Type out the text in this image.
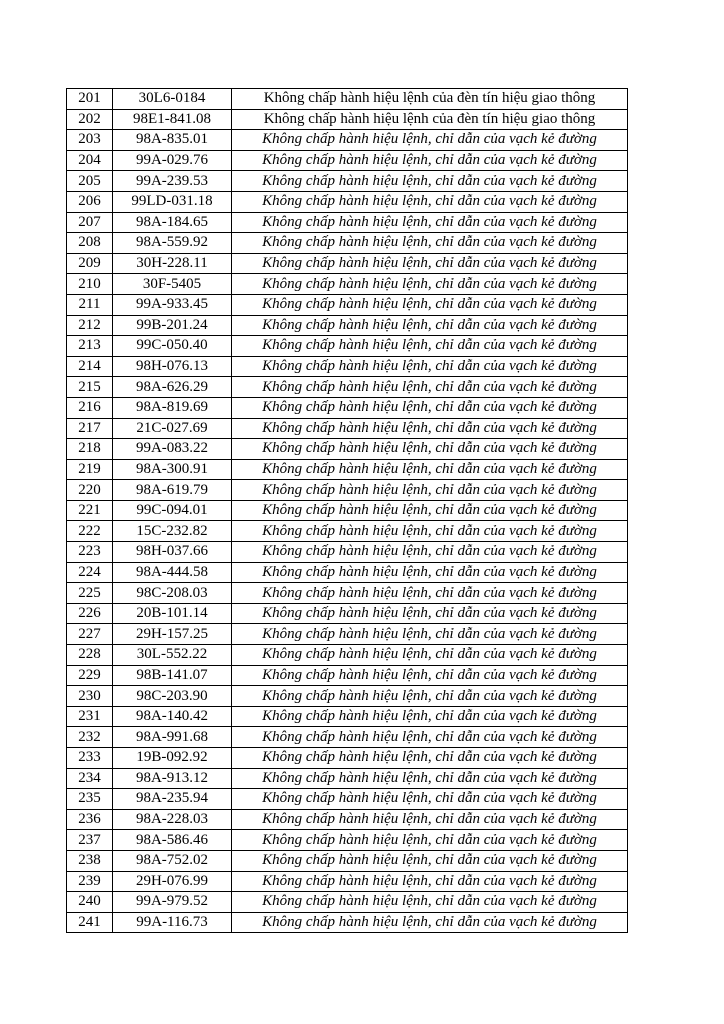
201	30L6-0184	Không chấp hành hiệu lệnh của đèn tín hiệu giao thông
202	98E1-841.08	Không chấp hành hiệu lệnh của đèn tín hiệu giao thông
203	98A-835.01	Không chấp hành hiệu lệnh, chỉ dẫn của vạch kẻ đường
204	99A-029.76	Không chấp hành hiệu lệnh, chỉ dẫn của vạch kẻ đường
205	99A-239.53	Không chấp hành hiệu lệnh, chỉ dẫn của vạch kẻ đường
206	99LD-031.18	Không chấp hành hiệu lệnh, chỉ dẫn của vạch kẻ đường
207	98A-184.65	Không chấp hành hiệu lệnh, chỉ dẫn của vạch kẻ đường
208	98A-559.92	Không chấp hành hiệu lệnh, chỉ dẫn của vạch kẻ đường
209	30H-228.11	Không chấp hành hiệu lệnh, chỉ dẫn của vạch kẻ đường
210	30F-5405	Không chấp hành hiệu lệnh, chỉ dẫn của vạch kẻ đường
211	99A-933.45	Không chấp hành hiệu lệnh, chỉ dẫn của vạch kẻ đường
212	99B-201.24	Không chấp hành hiệu lệnh, chỉ dẫn của vạch kẻ đường
213	99C-050.40	Không chấp hành hiệu lệnh, chỉ dẫn của vạch kẻ đường
214	98H-076.13	Không chấp hành hiệu lệnh, chỉ dẫn của vạch kẻ đường
215	98A-626.29	Không chấp hành hiệu lệnh, chỉ dẫn của vạch kẻ đường
216	98A-819.69	Không chấp hành hiệu lệnh, chỉ dẫn của vạch kẻ đường
217	21C-027.69	Không chấp hành hiệu lệnh, chỉ dẫn của vạch kẻ đường
218	99A-083.22	Không chấp hành hiệu lệnh, chỉ dẫn của vạch kẻ đường
219	98A-300.91	Không chấp hành hiệu lệnh, chỉ dẫn của vạch kẻ đường
220	98A-619.79	Không chấp hành hiệu lệnh, chỉ dẫn của vạch kẻ đường
221	99C-094.01	Không chấp hành hiệu lệnh, chỉ dẫn của vạch kẻ đường
222	15C-232.82	Không chấp hành hiệu lệnh, chỉ dẫn của vạch kẻ đường
223	98H-037.66	Không chấp hành hiệu lệnh, chỉ dẫn của vạch kẻ đường
224	98A-444.58	Không chấp hành hiệu lệnh, chỉ dẫn của vạch kẻ đường
225	98C-208.03	Không chấp hành hiệu lệnh, chỉ dẫn của vạch kẻ đường
226	20B-101.14	Không chấp hành hiệu lệnh, chỉ dẫn của vạch kẻ đường
227	29H-157.25	Không chấp hành hiệu lệnh, chỉ dẫn của vạch kẻ đường
228	30L-552.22	Không chấp hành hiệu lệnh, chỉ dẫn của vạch kẻ đường
229	98B-141.07	Không chấp hành hiệu lệnh, chỉ dẫn của vạch kẻ đường
230	98C-203.90	Không chấp hành hiệu lệnh, chỉ dẫn của vạch kẻ đường
231	98A-140.42	Không chấp hành hiệu lệnh, chỉ dẫn của vạch kẻ đường
232	98A-991.68	Không chấp hành hiệu lệnh, chỉ dẫn của vạch kẻ đường
233	19B-092.92	Không chấp hành hiệu lệnh, chỉ dẫn của vạch kẻ đường
234	98A-913.12	Không chấp hành hiệu lệnh, chỉ dẫn của vạch kẻ đường
235	98A-235.94	Không chấp hành hiệu lệnh, chỉ dẫn của vạch kẻ đường
236	98A-228.03	Không chấp hành hiệu lệnh, chỉ dẫn của vạch kẻ đường
237	98A-586.46	Không chấp hành hiệu lệnh, chỉ dẫn của vạch kẻ đường
238	98A-752.02	Không chấp hành hiệu lệnh, chỉ dẫn của vạch kẻ đường
239	29H-076.99	Không chấp hành hiệu lệnh, chỉ dẫn của vạch kẻ đường
240	99A-979.52	Không chấp hành hiệu lệnh, chỉ dẫn của vạch kẻ đường
241	99A-116.73	Không chấp hành hiệu lệnh, chỉ dẫn của vạch kẻ đường
